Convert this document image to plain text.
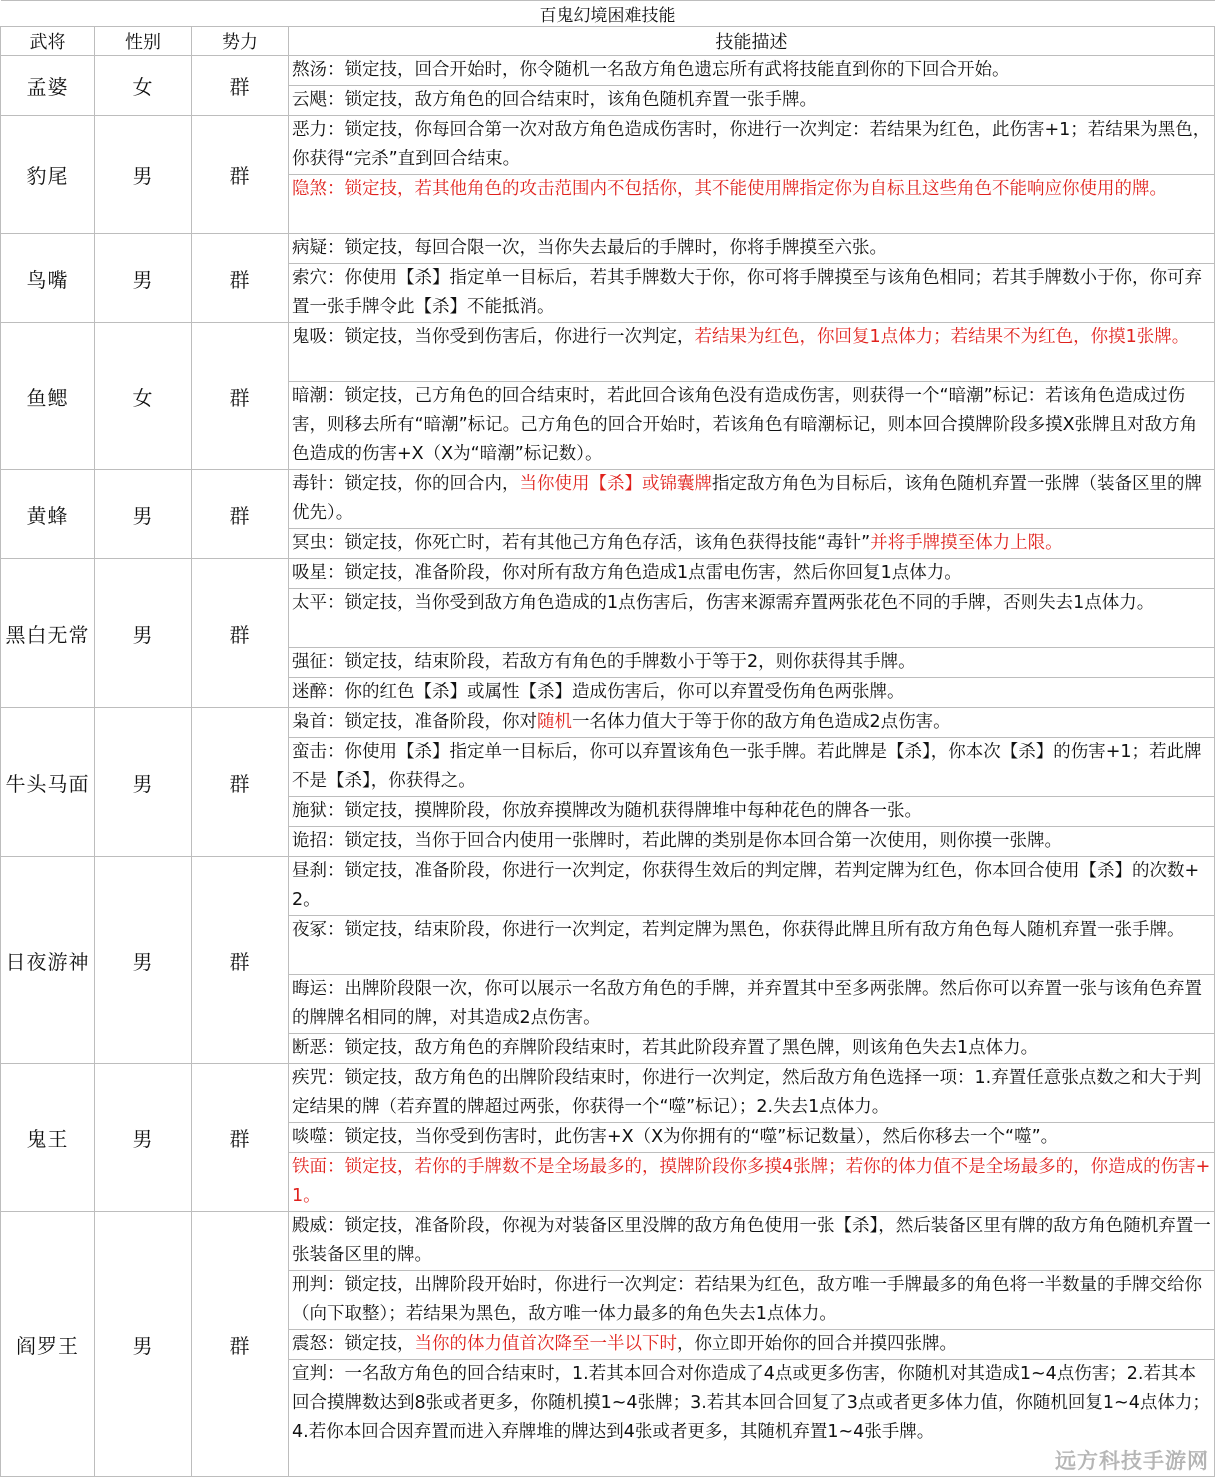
百鬼幻境困难技能			
武将	性别	势力	技能描述
孟婆	女	群	熬汤：锁定技，回合开始时，你令随机一名敌方角色遗忘所有武将技能直到你的下回合开始。
			云飓：锁定技，敌方角色的回合结束时，该角色随机弃置一张手牌。
豹尾	男	群	恶力：锁定技，你每回合第一次对敌方角色造成伤害时，你进行一次判定：若结果为红色，此伤害+1；若结果为黑色，你获得“完杀”直到回合结束。
			隐煞：锁定技，若其他角色的攻击范围内不包括你，其不能使用牌指定你为自标且这些角色不能响应你使用的牌。
鸟嘴	男	群	病疑：锁定技，每回合限一次，当你失去最后的手牌时，你将手牌摸至六张。
			索穴：你使用【杀】指定单一目标后，若其手牌数大于你，你可将手牌摸至与该角色相同；若其手牌数小于你，你可弃置一张手牌令此【杀】不能抵消。
鱼鳃	女	群	鬼吸：锁定技，当你受到伤害后，你进行一次判定，若结果为红色，你回复1点体力；若结果不为红色，你摸1张牌。
			暗潮：锁定技，己方角色的回合结束时，若此回合该角色没有造成伤害，则获得一个“暗潮”标记：若该角色造成过伤害，则移去所有“暗潮”标记。己方角色的回合开始时，若该角色有暗潮标记，则本回合摸牌阶段多摸X张牌且对敌方角色造成的伤害+X（X为“暗潮”标记数）。
黄蜂	男	群	毒针：锁定技，你的回合内，当你使用【杀】或锦囊牌指定敌方角色为目标后，该角色随机弃置一张牌（装备区里的牌优先）。
			冥虫：锁定技，你死亡时，若有其他己方角色存活，该角色获得技能“毒针”并将手牌摸至体力上限。
黑白无常	男	群	吸星：锁定技，准备阶段，你对所有敌方角色造成1点雷电伤害，然后你回复1点体力。
			太平：锁定技，当你受到敌方角色造成的1点伤害后，伤害来源需弃置两张花色不同的手牌，否则失去1点体力。
			强征：锁定技，结束阶段，若敌方有角色的手牌数小于等于2，则你获得其手牌。
			迷醉：你的红色【杀】或属性【杀】造成伤害后，你可以弃置受伤角色两张牌。
牛头马面	男	群	枭首：锁定技，准备阶段，你对随机一名体力值大于等于你的敌方角色造成2点伤害。
			蛮击：你使用【杀】指定单一目标后，你可以弃置该角色一张手牌。若此牌是【杀】，你本次【杀】的伤害+1；若此牌不是【杀】，你获得之。
			施狱：锁定技，摸牌阶段，你放弃摸牌改为随机获得牌堆中每种花色的牌各一张。
			诡招：锁定技，当你于回合内使用一张牌时，若此牌的类别是你本回合第一次使用，则你摸一张牌。
日夜游神	男	群	昼刹：锁定技，准备阶段，你进行一次判定，你获得生效后的判定牌，若判定牌为红色，你本回合使用【杀】的次数+2。
			夜冢：锁定技，结束阶段，你进行一次判定，若判定牌为黑色，你获得此牌且所有敌方角色每人随机弃置一张手牌。
			晦运：出牌阶段限一次，你可以展示一名敌方角色的手牌，并弃置其中至多两张牌。然后你可以弃置一张与该角色弃置的牌牌名相同的牌，对其造成2点伤害。
			断恶：锁定技，敌方角色的弃牌阶段结束时，若其此阶段弃置了黑色牌，则该角色失去1点体力。
鬼王	男	群	疾咒：锁定技，敌方角色的出牌阶段结束时，你进行一次判定，然后敌方角色选择一项：1.弃置任意张点数之和大于判定结果的牌（若弃置的牌超过两张，你获得一个“噬”标记）；2.失去1点体力。
			啖噬：锁定技，当你受到伤害时，此伤害+X（X为你拥有的“噬”标记数量），然后你移去一个“噬”。
			铁面：锁定技，若你的手牌数不是全场最多的，摸牌阶段你多摸4张牌；若你的体力值不是全场最多的，你造成的伤害+1。
阎罗王	男	群	殿威：锁定技，准备阶段，你视为对装备区里没牌的敌方角色使用一张【杀】，然后装备区里有牌的敌方角色随机弃置一张装备区里的牌。
			刑判：锁定技，出牌阶段开始时，你进行一次判定：若结果为红色，敌方唯一手牌最多的角色将一半数量的手牌交给你（向下取整）；若结果为黑色，敌方唯一体力最多的角色失去1点体力。
			震怒：锁定技，当你的体力值首次降至一半以下时，你立即开始你的回合并摸四张牌。
			宣判：一名敌方角色的回合结束时，1.若其本回合对你造成了4点或更多伤害，你随机对其造成1~4点伤害；2.若其本回合摸牌数达到8张或者更多，你随机摸1~4张牌；3.若其本回合回复了3点或者更多体力值，你随机回复1~4点体力；4.若你本回合因弃置而进入弃牌堆的牌达到4张或者更多，其随机弃置1~4张手牌。
远方科技手游网
